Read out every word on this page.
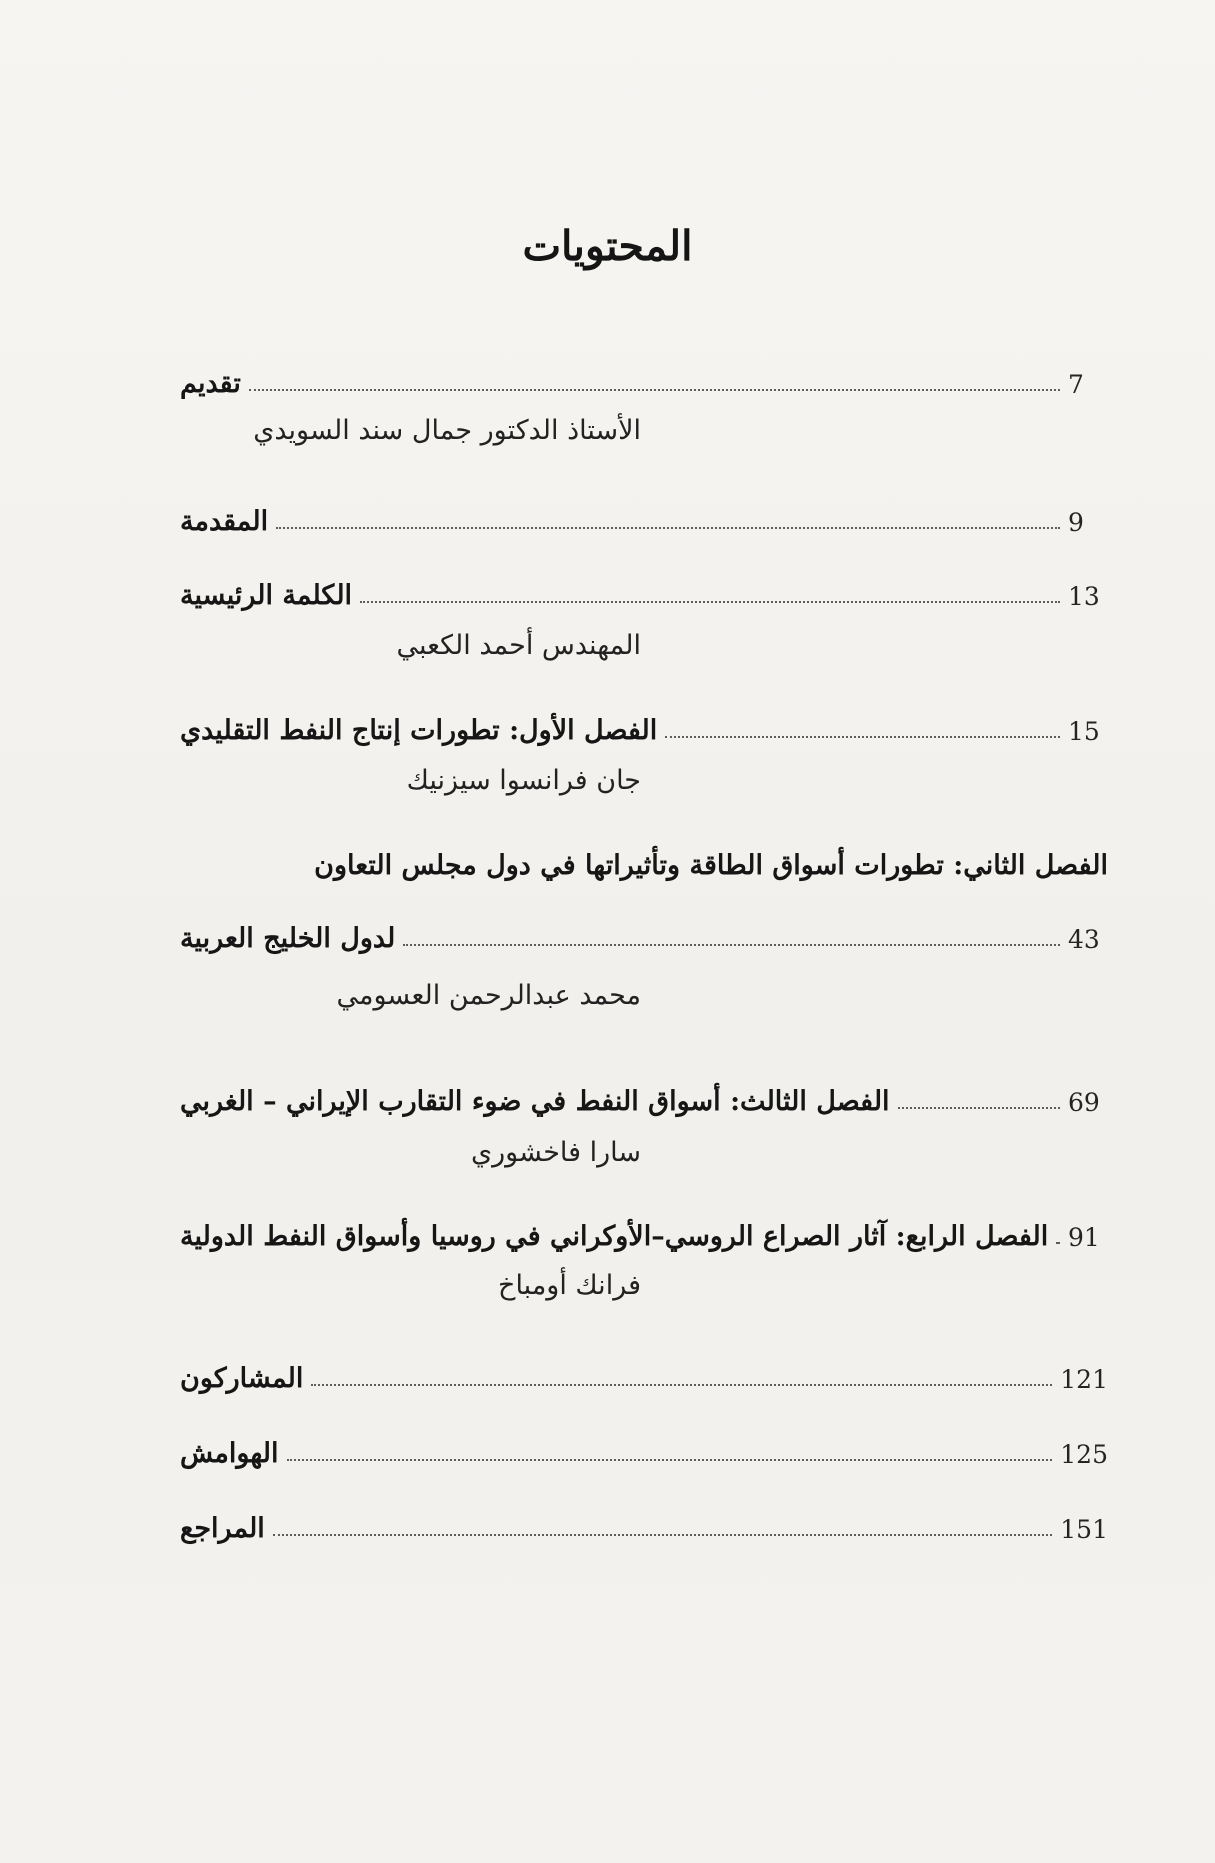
المحتويات
تقديم	7
الأستاذ الدكتور جمال سند السويدي
المقدمة	9
الكلمة الرئيسية	13
المهندس أحمد الكعبي
الفصل الأول: تطورات إنتاج النفط التقليدي	15
جان فرانسوا سيزنيك
الفصل الثاني: تطورات أسواق الطاقة وتأثيراتها في دول مجلس التعاون
لدول الخليج العربية	43
محمد عبدالرحمن العسومي
الفصل الثالث: أسواق النفط في ضوء التقارب الإيراني – الغربي	69
سارا فاخشوري
الفصل الرابع: آثار الصراع الروسي–الأوكراني في روسيا وأسواق النفط الدولية 91
فرانك أومباخ
المشاركون	121
الهوامش	125
المراجع	151
